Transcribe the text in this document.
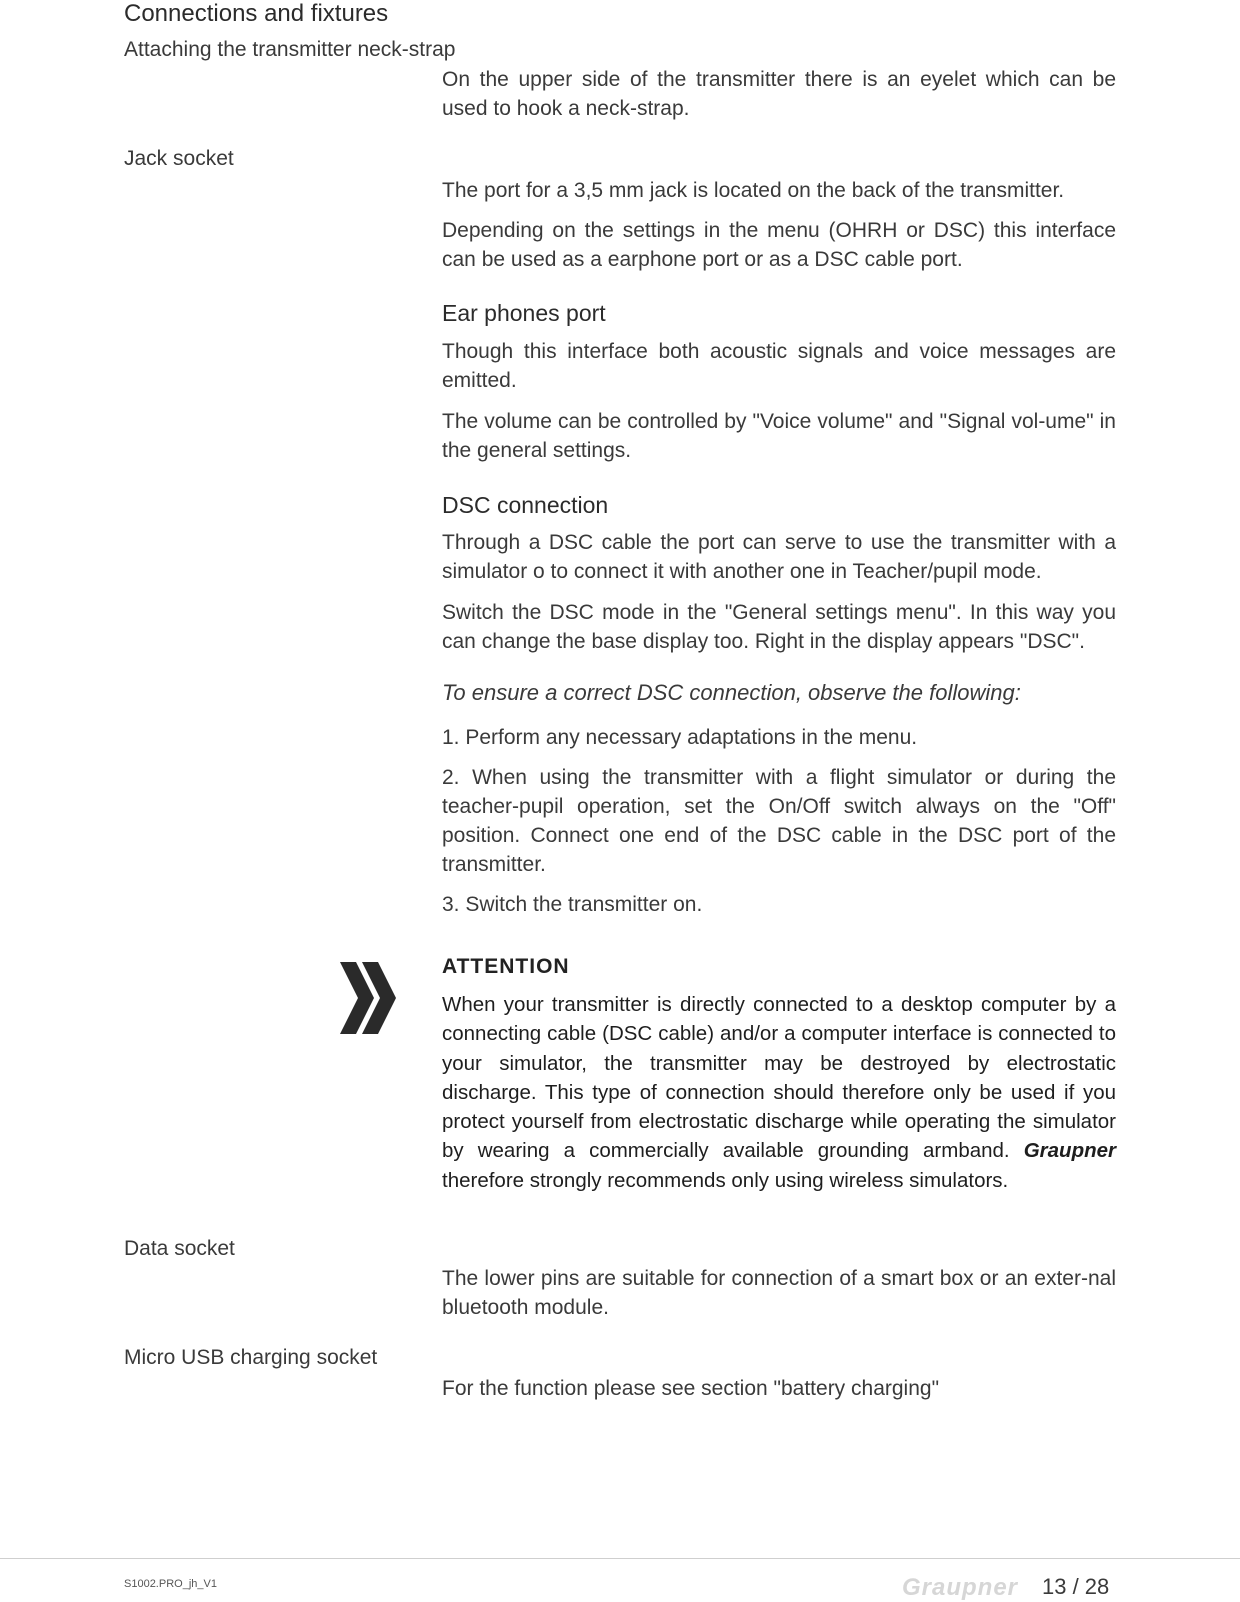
Connections and fixtures
Attaching the transmitter neck-strap

On the upper side of the transmitter there is an eyelet which can be used to hook a neck-strap.

Jack socket

The port for a 3,5 mm jack is located on the back of the transmitter.

Depending on the settings in the menu (OHRH or DSC) this interface can be used as a earphone port or as a DSC cable port.

Ear phones port

Though this interface both acoustic signals and voice messages are emitted.

The volume can be controlled by "Voice volume" and "Signal vol-ume" in the general settings.

DSC connection

Through a DSC cable the port can serve to use the transmitter with a simulator o to connect it with another one in Teacher/pupil mode.

Switch the DSC mode in the "General settings menu". In this way you can change the base display too. Right in the display appears "DSC".

To ensure a correct DSC connection, observe the following:

1. Perform any necessary adaptations in the menu.

2. When using the transmitter with a flight simulator or during the teacher-pupil operation, set the On/Off switch always on the "Off" position. Connect one end of the DSC cable in the DSC port of the transmitter.

3. Switch the transmitter on.

ATTENTION

When your transmitter is directly connected to a desktop computer by a connecting cable (DSC cable) and/or a computer interface is connected to your simulator, the transmitter may be destroyed by electrostatic discharge. This type of connection should therefore only be used if you protect yourself from electrostatic discharge while operating the simulator by wearing a commercially available grounding armband. Graupner therefore strongly recommends only using wireless simulators.

Data socket

The lower pins are suitable for connection of a smart box or an exter-nal bluetooth module.

Micro USB charging socket

For the function please see section "battery charging"

S1002.PRO_jh_V1	Graupner 13 / 28
